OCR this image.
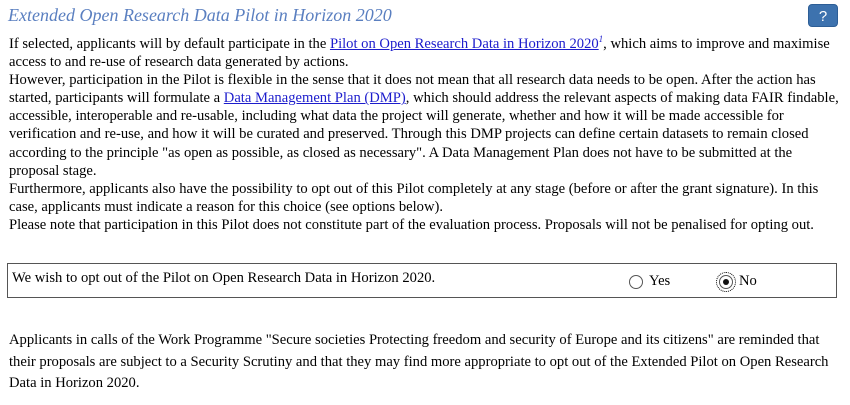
Extended Open Research Data Pilot in Horizon 2020	?

If selected, applicants will by default participate in the Pilot on Open Research Data in Horizon 2020$^1$, which aims to improve and maximise access to and re-use of research data generated by actions.

However, participation in the Pilot is flexible in the sense that it does not mean that all research data needs to be open. After the action has started, participants will formulate a Data Management Plan (DMP), which should address the relevant aspects of making data FAIR findable, accessible, interoperable and re-usable, including what data the project will generate, whether and how it will be made accessible for verification and re-use, and how it will be curated and preserved. Through this DMP projects can define certain datasets to remain closed according to the principle "as open as possible, as closed as necessary". A Data Management Plan does not have to be submitted at the proposal stage.

Furthermore, applicants also have the possibility to opt out of this Pilot completely at any stage (before or after the grant signature). In this case, applicants must indicate a reason for this choice (see options below).

Please note that participation in this Pilot does not constitute part of the evaluation process. Proposals will not be penalised for opting out.

We wish to opt out of the Pilot on Open Research Data in Horizon 2020.	Yes	No

Applicants in calls of the Work Programme "Secure societies Protecting freedom and security of Europe and its citizens" are reminded that their proposals are subject to a Security Scrutiny and that they may find more appropriate to opt out of the Extended Pilot on Open Research Data in Horizon 2020.
